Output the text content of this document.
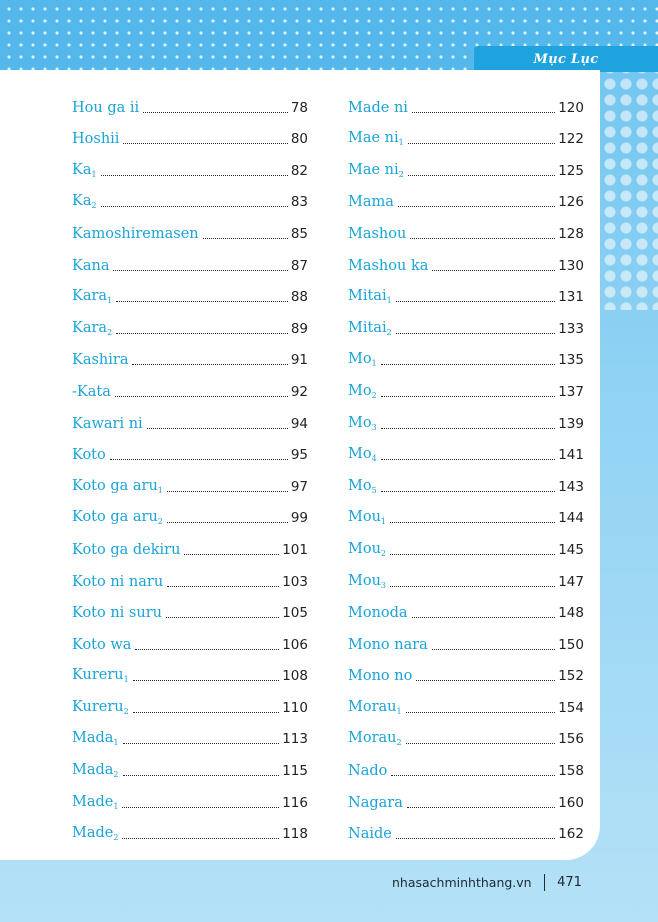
Mục Lục
Hou ga ii	78
Hoshii	80
$Ka_1$	82
$Ka_2$	83
Kamoshiremasen	85
Kana	87
Kara$_1$	88
Kara$_2$	89
Kashira	91
-Kata	92
Kawari ni	94
Koto	95
Koto ga aru$_1$	97
Koto ga aru$_2$	99
Koto ga dekiru	101
Koto ni naru	103
Koto ni suru	105
Koto wa	106
Kureru$_1$	108
Kureru$_2$	110
Mada$_1$	113
Mada$_2$	115
Made$_1$	116
Made$_2$	118
Made ni	120
Mae $ni_1$	122
Mae $ni_2$	125
Mama	126
Mashou	128
Mashou ka	130
Mitai$_1$	131
Mitai$_2$	133
$Mo_1$	135
$Mo_2$	137
$Mo_3$	139
$Mo_4$	141
$Mo_5$	143
Mou$_1$	144
Mou$_2$	145
Mou$_3$	147
Monoda	148
Mono nara	150
Mono no	152
Morau$_1$	154
Morau$_2$	156
Nado	158
Nagara	160
Naide	162
nhasachminhthang.vn 471
